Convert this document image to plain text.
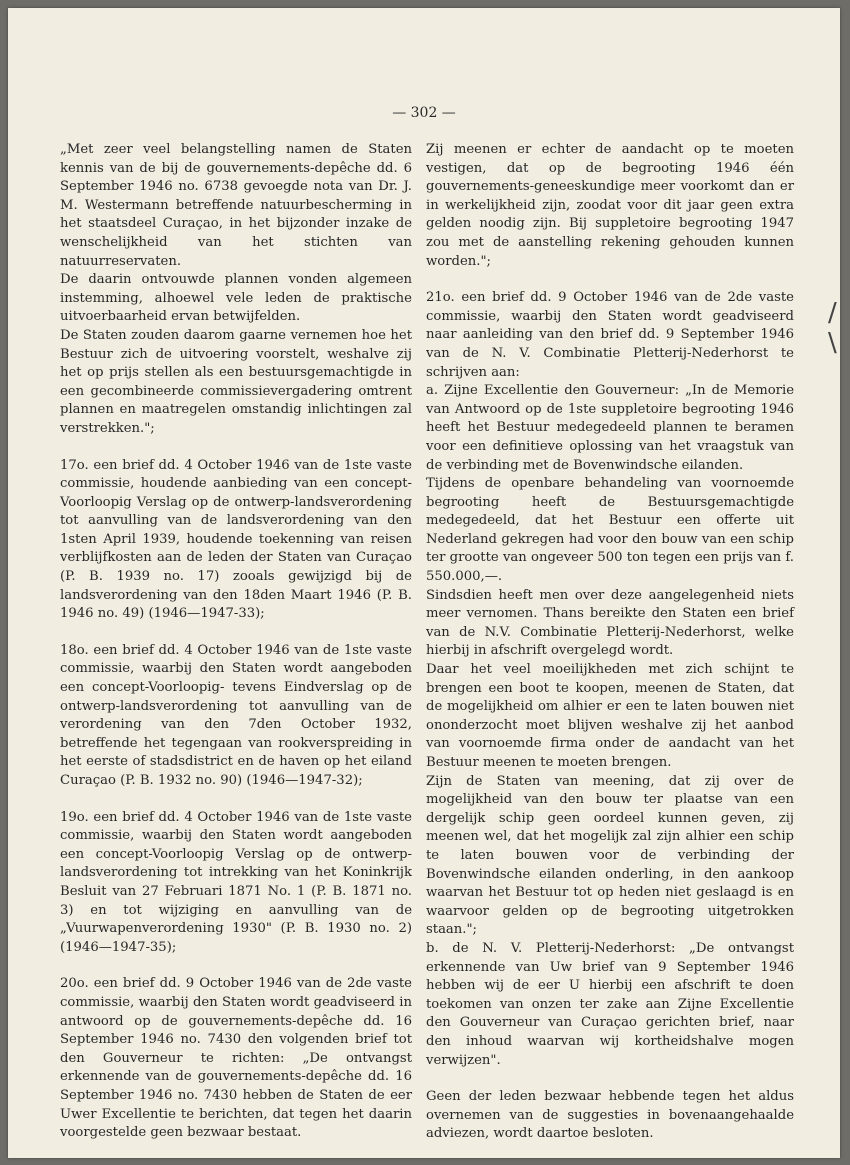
— 302 —

„Met zeer veel belangstelling namen de Staten kennis van de bij de gouvernements-depêche dd. 6 September 1946 no. 6738 gevoegde nota van Dr. J. M. Westermann betreffende natuurbescherming in het staatsdeel Curaçao, in het bijzonder inzake de wenschelijkheid van het stichten van natuurreservaten.

De daarin ontvouwde plannen vonden algemeen instemming, alhoewel vele leden de praktische uitvoerbaarheid ervan betwijfelden.

De Staten zouden daarom gaarne vernemen hoe het Bestuur zich de uitvoering voorstelt, weshalve zij het op prijs stellen als een bestuursgemachtigde in een gecombineerde commissievergadering omtrent plannen en maatregelen omstandig inlichtingen zal verstrekken.";

17o. een brief dd. 4 October 1946 van de 1ste vaste commissie, houdende aanbieding van een concept-Voorloopig Verslag op de ontwerp-landsverordening tot aanvulling van de landsverordening van den 1sten April 1939, houdende toekenning van reisen verblijfkosten aan de leden der Staten van Curaçao (P. B. 1939 no. 17) zooals gewijzigd bij de landsverordening van den 18den Maart 1946 (P. B. 1946 no. 49) (1946—1947-33);

18o. een brief dd. 4 October 1946 van de 1ste vaste commissie, waarbij den Staten wordt aangeboden een concept-Voorloopig- tevens Eindverslag op de ontwerp-landsverordening tot aanvulling van de verordening van den 7den October 1932, betreffende het tegengaan van rookverspreiding in het eerste of stadsdistrict en de haven op het eiland Curaçao (P. B. 1932 no. 90) (1946—1947-32);

19o. een brief dd. 4 October 1946 van de 1ste vaste commissie, waarbij den Staten wordt aangeboden een concept-Voorloopig Verslag op de ontwerp-landsverordening tot intrekking van het Koninkrijk Besluit van 27 Februari 1871 No. 1 (P. B. 1871 no. 3) en tot wijziging en aanvulling van de „Vuurwapenverordening 1930" (P. B. 1930 no. 2) (1946—1947-35);

20o. een brief dd. 9 October 1946 van de 2de vaste commissie, waarbij den Staten wordt geadviseerd in antwoord op de gouvernements-depêche dd. 16 September 1946 no. 7430 den volgenden brief tot den Gouverneur te richten: „De ontvangst erkennende van de gouvernements-depêche dd. 16 September 1946 no. 7430 hebben de Staten de eer Uwer Excellentie te berichten, dat tegen het daarin voorgestelde geen bezwaar bestaat.

Zij meenen er echter de aandacht op te moeten vestigen, dat op de begrooting 1946 één gouvernements-geneeskundige meer voorkomt dan er in werkelijkheid zijn, zoodat voor dit jaar geen extra gelden noodig zijn. Bij suppletoire begrooting 1947 zou met de aanstelling rekening gehouden kunnen worden.";

21o. een brief dd. 9 October 1946 van de 2de vaste commissie, waarbij den Staten wordt geadviseerd naar aanleiding van den brief dd. 9 September 1946 van de N. V. Combinatie Pletterij-Nederhorst te schrijven aan:

a. Zijne Excellentie den Gouverneur: „In de Memorie van Antwoord op de 1ste suppletoire begrooting 1946 heeft het Bestuur medegedeeld plannen te beramen voor een definitieve oplossing van het vraagstuk van de verbinding met de Bovenwindsche eilanden.

Tijdens de openbare behandeling van voornoemde begrooting heeft de Bestuursgemachtigde medegedeeld, dat het Bestuur een offerte uit Nederland gekregen had voor den bouw van een schip ter grootte van ongeveer 500 ton tegen een prijs van f. 550.000,—.

Sindsdien heeft men over deze aangelegenheid niets meer vernomen. Thans bereikte den Staten een brief van de N.V. Combinatie Pletterij-Nederhorst, welke hierbij in afschrift overgelegd wordt.

Daar het veel moeilijkheden met zich schijnt te brengen een boot te koopen, meenen de Staten, dat de mogelijkheid om alhier er een te laten bouwen niet ononderzocht moet blijven weshalve zij het aanbod van voornoemde firma onder de aandacht van het Bestuur meenen te moeten brengen.

Zijn de Staten van meening, dat zij over de mogelijkheid van den bouw ter plaatse van een dergelijk schip geen oordeel kunnen geven, zij meenen wel, dat het mogelijk zal zijn alhier een schip te laten bouwen voor de verbinding der Bovenwindsche eilanden onderling, in den aankoop waarvan het Bestuur tot op heden niet geslaagd is en waarvoor gelden op de begrooting uitgetrokken staan.";

b. de N. V. Pletterij-Nederhorst: „De ontvangst erkennende van Uw brief van 9 September 1946 hebben wij de eer U hierbij een afschrift te doen toekomen van onzen ter zake aan Zijne Excellentie den Gouverneur van Curaçao gerichten brief, naar den inhoud waarvan wij kortheidshalve mogen verwijzen".

Geen der leden bezwaar hebbende tegen het aldus overnemen van de suggesties in bovenaangehaalde adviezen, wordt daartoe besloten.

/ \
